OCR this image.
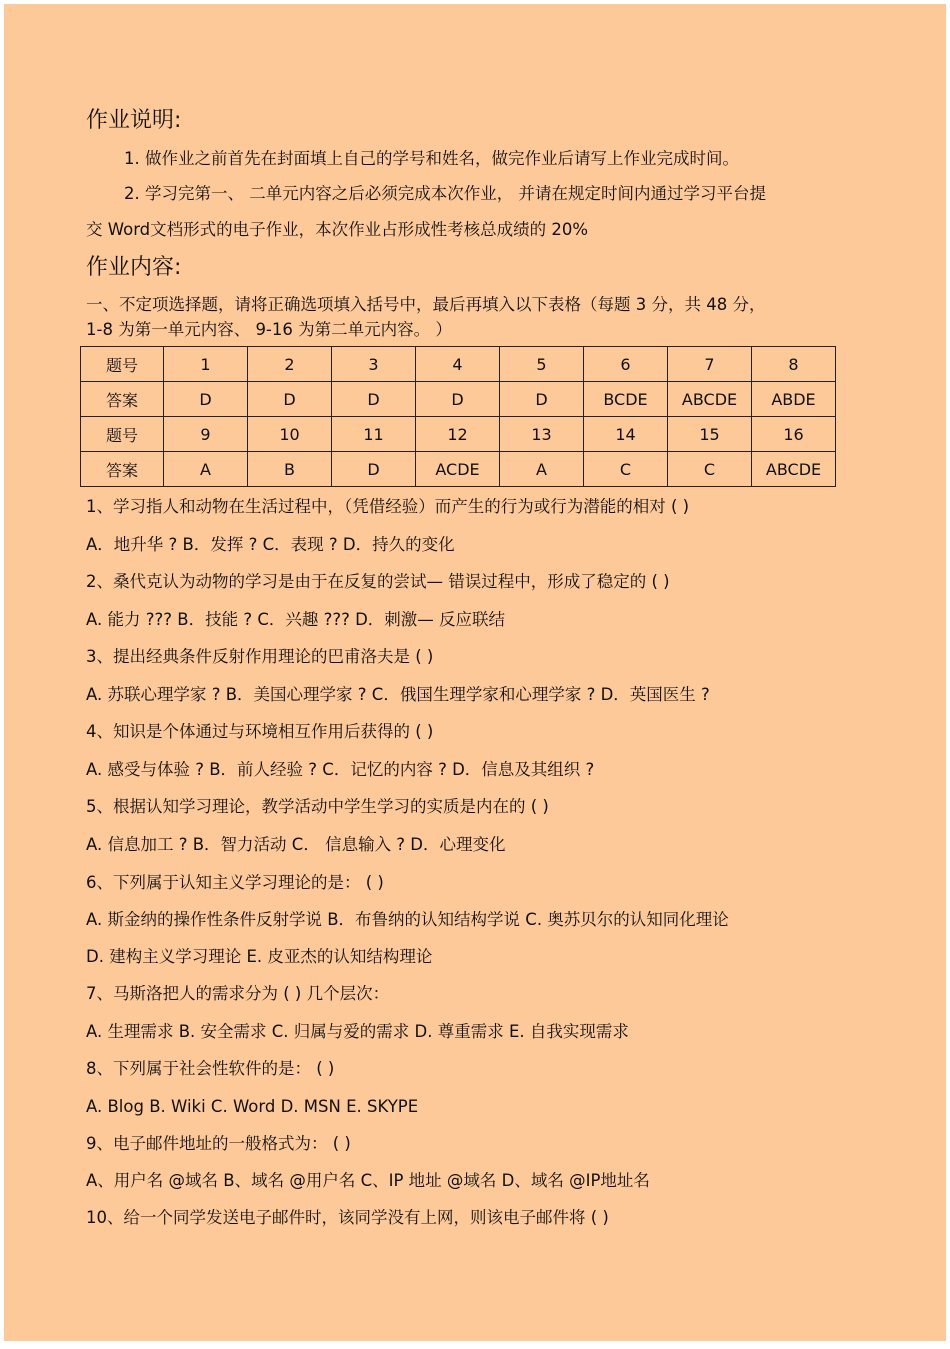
作业说明:
1. 做作业之前首先在封面填上自己的学号和姓名，做完作业后请写上作业完成时间。
2. 学习完第一、 二单元内容之后必须完成本次作业， 并请在规定时间内通过学习平台提
交 Word文档形式的电子作业，本次作业占形成性考核总成绩的 20%
作业内容:
一、不定项选择题，请将正确选项填入括号中，最后再填入以下表格（每题 3 分，共 48 分，
1-8 为第一单元内容、 9-16 为第二单元内容。 ）
题号	1	2	3	4	5	6	7	8
答案	D	D	D	D	D	BCDE	ABCDE	ABDE
题号	9	10	11	12	13	14	15	16
答案	A	B	D	ACDE	A	C	C	ABCDE
1、学习指人和动物在生活过程中，（凭借经验）而产生的行为或行为潜能的相对 ( )
A．地升华 ? B．发挥 ? C．表现 ? D．持久的变化
2、桑代克认为动物的学习是由于在反复的尝试— 错误过程中，形成了稳定的 ( )
A. 能力 ??? B．技能 ? C．兴趣 ??? D．刺激— 反应联结
3、提出经典条件反射作用理论的巴甫洛夫是 ( )
A. 苏联心理学家 ? B．美国心理学家 ? C．俄国生理学家和心理学家 ? D．英国医生 ?
4、知识是个体通过与环境相互作用后获得的 ( )
A. 感受与体验 ? B．前人经验 ? C．记忆的内容 ? D．信息及其组织 ?
5、根据认知学习理论，教学活动中学生学习的实质是内在的 ( )
A. 信息加工 ? B．智力活动 C． 信息输入 ? D．心理变化
6、下列属于认知主义学习理论的是： ( )
A. 斯金纳的操作性条件反射学说 B．布鲁纳的认知结构学说 C. 奥苏贝尔的认知同化理论
D. 建构主义学习理论 E. 皮亚杰的认知结构理论
7、马斯洛把人的需求分为 ( ) 几个层次：
A. 生理需求 B. 安全需求 C. 归属与爱的需求 D. 尊重需求 E. 自我实现需求
8、下列属于社会性软件的是： ( )
A. Blog B. Wiki C. Word D. MSN E. SKYPE
9、电子邮件地址的一般格式为： ( )
A、用户名 @域名 B、域名 @用户名 C、IP 地址 @域名 D、域名 @IP地址名
10、给一个同学发送电子邮件时，该同学没有上网，则该电子邮件将 ( )
